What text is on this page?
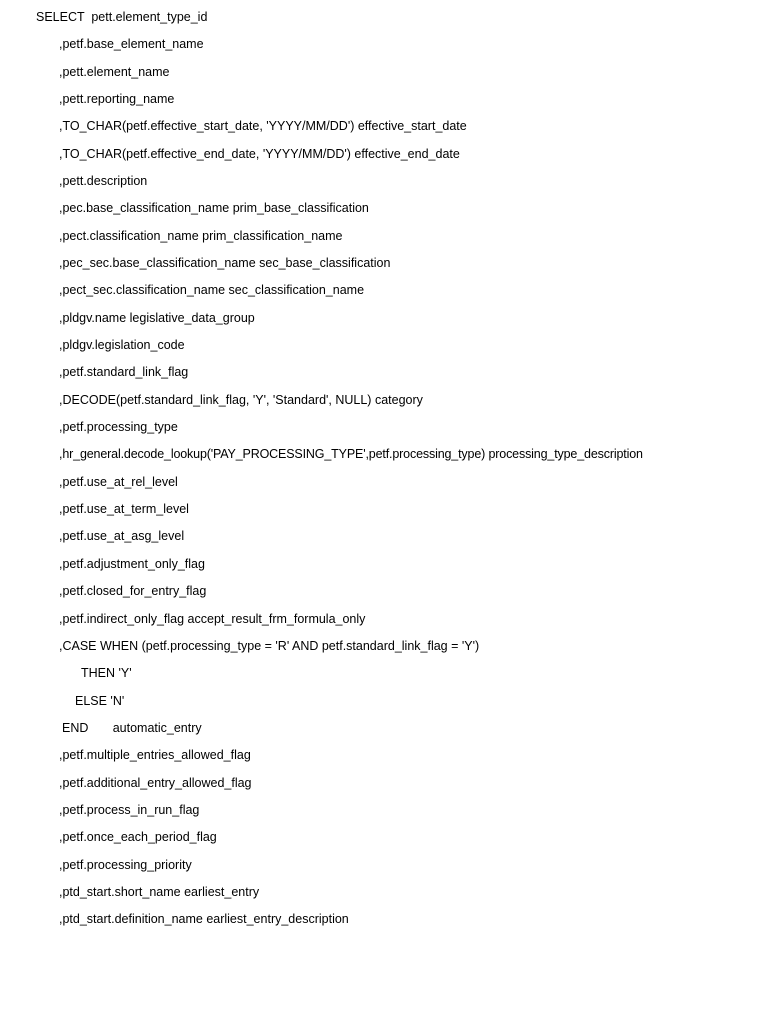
SELECT  pett.element_type_id

,petf.base_element_name

,pett.element_name

,pett.reporting_name

,TO_CHAR(petf.effective_start_date, 'YYYY/MM/DD') effective_start_date

,TO_CHAR(petf.effective_end_date, 'YYYY/MM/DD') effective_end_date

,pett.description

,pec.base_classification_name prim_base_classification

,pect.classification_name prim_classification_name

,pec_sec.base_classification_name sec_base_classification

,pect_sec.classification_name sec_classification_name

,pldgv.name legislative_data_group

,pldgv.legislation_code

,petf.standard_link_flag

,DECODE(petf.standard_link_flag, 'Y', 'Standard', NULL) category

,petf.processing_type

,hr_general.decode_lookup('PAY_PROCESSING_TYPE',petf.processing_type) processing_type_description

,petf.use_at_rel_level

,petf.use_at_term_level

,petf.use_at_asg_level

,petf.adjustment_only_flag

,petf.closed_for_entry_flag

,petf.indirect_only_flag accept_result_frm_formula_only

,CASE WHEN (petf.processing_type = 'R' AND petf.standard_link_flag = 'Y')

THEN 'Y'

ELSE 'N'

END       automatic_entry

,petf.multiple_entries_allowed_flag

,petf.additional_entry_allowed_flag

,petf.process_in_run_flag

,petf.once_each_period_flag

,petf.processing_priority

,ptd_start.short_name earliest_entry

,ptd_start.definition_name earliest_entry_description
